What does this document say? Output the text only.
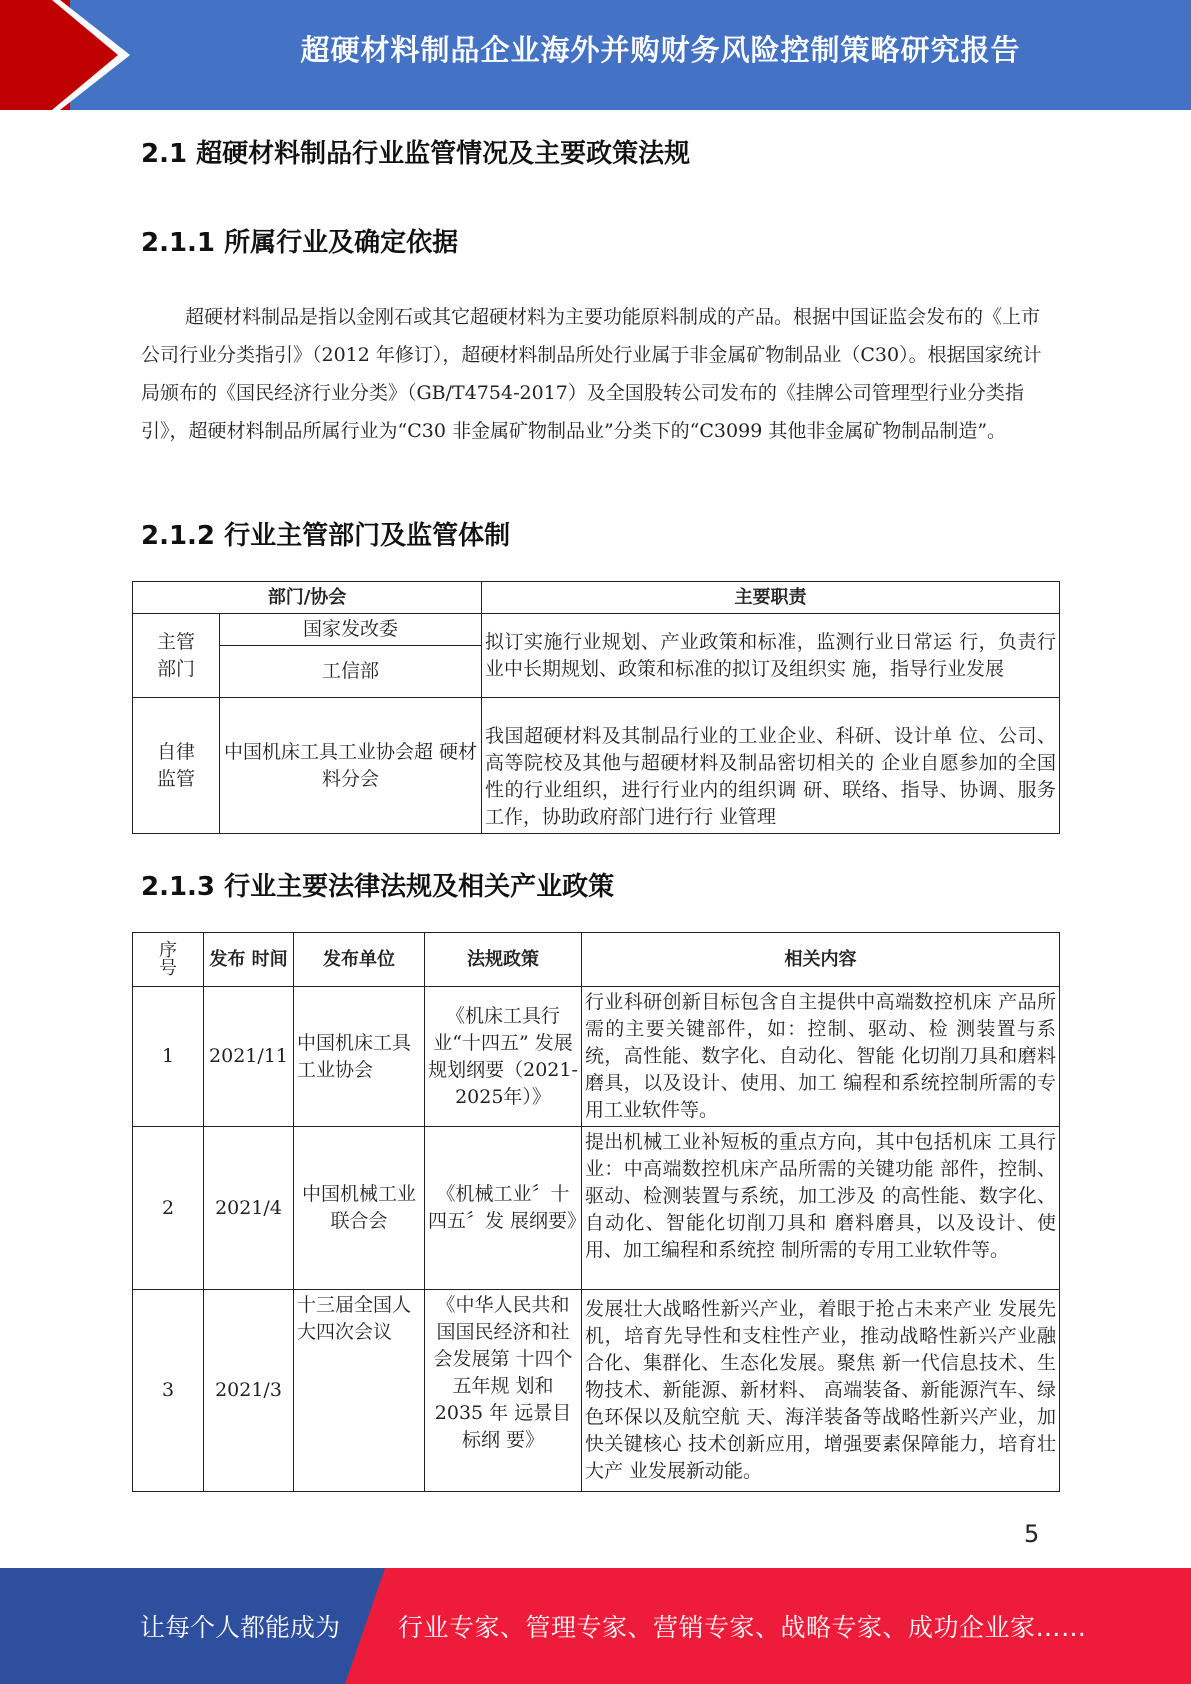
超硬材料制品企业海外并购财务风险控制策略研究报告
2.1 超硬材料制品行业监管情况及主要政策法规
2.1.1 所属行业及确定依据

超硬材料制品是指以金刚石或其它超硬材料为主要功能原料制成的产品。根据中国证监会发布的《上市公司行业分类指引》（2012 年修订），超硬材料制品所处行业属于非金属矿物制品业（C30）。根据国家统计局颁布的《国民经济行业分类》（GB/T4754-2017）及全国股转公司发布的《挂牌公司管理型行业分类指引》，超硬材料制品所属行业为“C30 非金属矿物制品业”分类下的“C3099 其他非金属矿物制品制造”。

2.1.2 行业主管部门及监管体制
部门/协会		主要职责
主管部门	国家发改委	拟订实施行业规划、产业政策和标准，监测行业日常运 行，负责行业中长期规划、政策和标准的拟订及组织实 施，指导行业发展
	工信部	
自律监管	中国机床工具工业协会超 硬材料分会	我国超硬材料及其制品行业的工业企业、科研、设计单 位、公司、高等院校及其他与超硬材料及制品密切相关的 企业自愿参加的全国性的行业组织，进行行业内的组织调 研、联络、指导、协调、服务工作，协助政府部门进行行 业管理
2.1.3 行业主要法律法规及相关产业政策
序号	发布 时间	发布单位	法规政策	相关内容
1	2021/11	中国机床工具工业协会	《机床工具行 业“十四五” 发展规划纲要（2021-2025年）》	行业科研创新目标包含自主提供中高端数控机床 产品所需的主要关键部件，如：控制、驱动、检 测装置与系统，高性能、数字化、自动化、智能 化切削刀具和磨料磨具，以及设计、使用、加工 编程和系统控制所需的专用工业软件等。
2	2021/4	中国机械工业联合会	《机械工业〞十四五〞发 展纲要》	提出机械工业补短板的重点方向，其中包括机床 工具行业：中高端数控机床产品所需的关键功能 部件，控制、驱动、检测装置与系统，加工涉及 的高性能、数字化、自动化、智能化切削刀具和 磨料磨具，以及设计、使用、加工编程和系统控 制所需的专用工业软件等。
3	2021/3	十三届全国人大四次会议	《中华人民共和国国民经济和社会发展第 十四个五年规 划和 2035 年 远景目标纲 要》	发展壮大战略性新兴产业，着眼于抢占未来产业 发展先机，培育先导性和支柱性产业，推动战略性新兴产业融合化、集群化、生态化发展。聚焦 新一代信息技术、生物技术、新能源、新材料、 高端装备、新能源汽车、绿色环保以及航空航 天、海洋装备等战略性新兴产业，加快关键核心 技术创新应用，增强要素保障能力，培育壮大产 业发展新动能。
5
让每个人都能成为 行业专家、管理专家、营销专家、战略专家、成功企业家……
